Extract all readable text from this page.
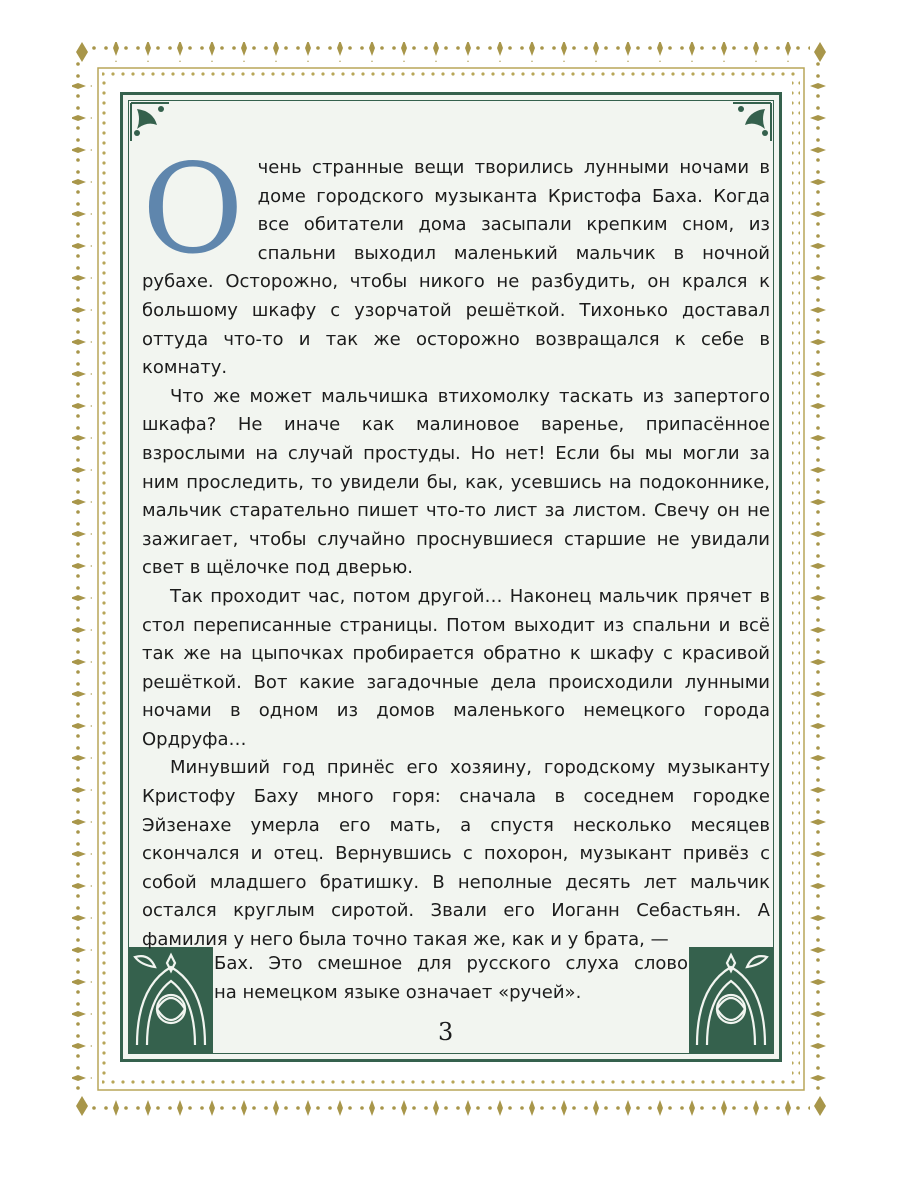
Очень странные вещи творились лунными ночами в доме городского музыканта Кристофа Баха. Когда все обитатели дома засыпали крепким сном, из спальни выходил маленький мальчик в ночной рубахе. Осторожно, чтобы никого не разбудить, он крался к большому шкафу с узорчатой решёткой. Тихонько доставал оттуда что-то и так же осторожно возвращался к себе в комнату.

Что же может мальчишка втихомолку таскать из запертого шкафа? Не иначе как малиновое варенье, припасённое взрослыми на случай простуды. Но нет! Если бы мы могли за ним проследить, то увидели бы, как, усевшись на подоконнике, мальчик старательно пишет что-то лист за листом. Свечу он не зажигает, чтобы случайно проснувшиеся старшие не увидали свет в щёлочке под дверью.

Так проходит час, потом другой… Наконец мальчик прячет в стол переписанные страницы. Потом выходит из спальни и всё так же на цыпочках пробирается обратно к шкафу с красивой решёткой. Вот какие загадочные дела происходили лунными ночами в одном из домов маленького немецкого города Ордруфа…

Минувший год принёс его хозяину, городскому музыканту Кристофу Баху много горя: сначала в соседнем городке Эйзенахе умерла его мать, а спустя несколько месяцев скончался и отец. Вернувшись с похорон, музыкант привёз с собой младшего братишку. В неполные десять лет мальчик остался круглым сиротой. Звали его Иоганн Себастьян. А фамилия у него была точно такая же, как и у брата, —

Бах. Это смешное для русского слуха слово
на немецком языке означает «ручей».
3
